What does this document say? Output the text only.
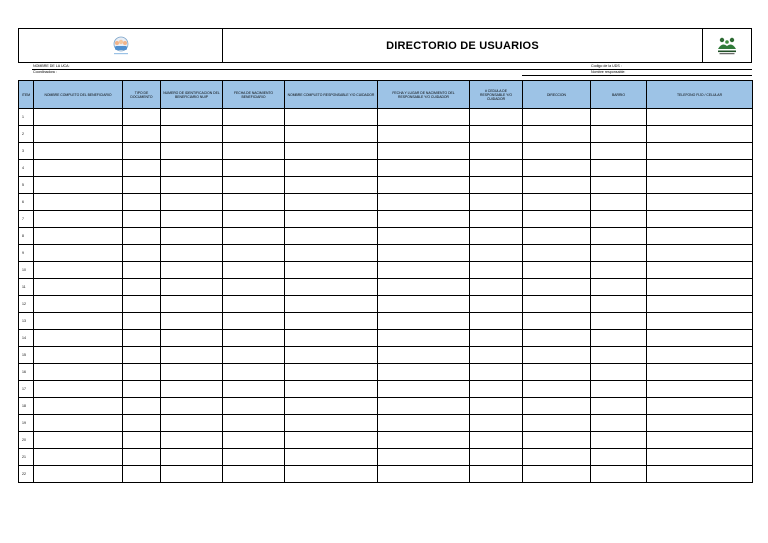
DIRECTORIO DE USUARIOS
NOMBRE DE LA UCA:
Coordinadora :
Codigo de la UDS :
Nombre responsable:
ITEM	NOMBRE COMPLETO DEL BENEFICIARIO	TIPO DE DOCUMENTO	NUMERO DE IDENTIFICACION DEL BENEFICIARIO NUIP	FECHA DE NACIMIENTO BENEFICIARIO	NOMBRE COMPLETO RESPONSABLE Y/O CUIDADOR	FECHA Y LUGAR DE NACIMIENTO DEL RESPONSABLE Y/O CUIDADOR	# CEDULA DE RESPONSABLE Y/O CUIDADOR	DIRECCION	BARRIO	TELEFONO FIJO / CELULAR
1										
2										
3										
4										
5										
6										
7										
8										
9										
10										
11										
12										
13										
14										
15										
16										
17										
18										
19										
20										
21										
22										
